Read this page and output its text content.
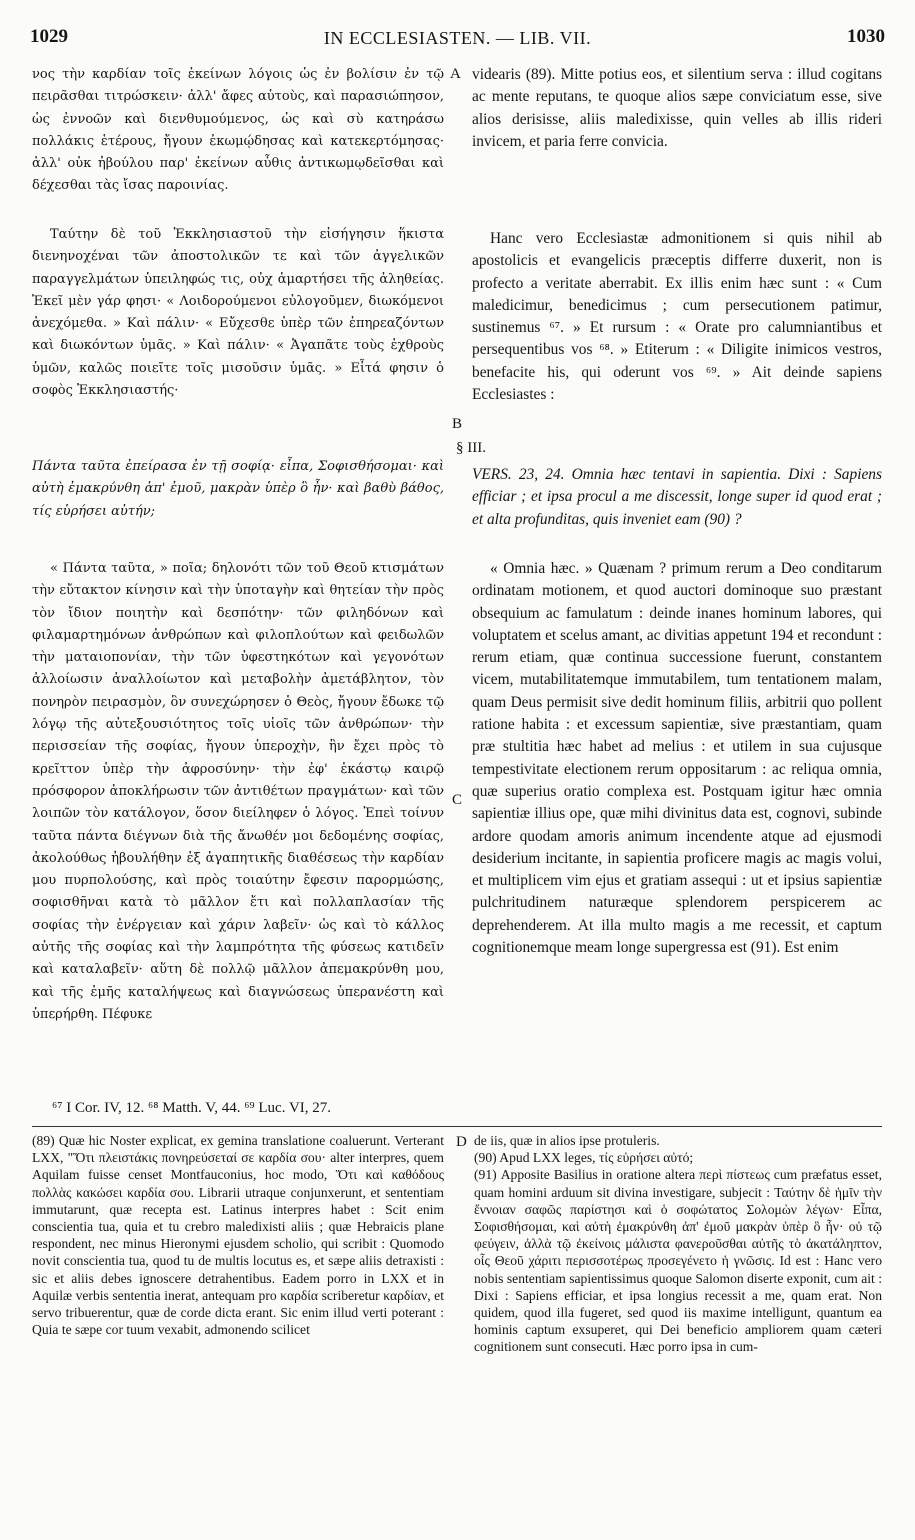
1029	IN ECCLESIASTEN. — LIB. VII.	1030

νος τὴν καρδίαν τοῖς ἐκείνων λόγοις ὡς ἐν βολίσιν ἐν τῷ πειρᾶσθαι τιτρώσκειν· ἀλλ' ἄφες αὐτοὺς, καὶ παρασιώπησον, ὡς ἐννοῶν καὶ διενθυμούμενος, ὡς καὶ σὺ κατηράσω πολλάκις ἑτέρους, ἤγουν ἐκωμῴδησας καὶ κατεκερτόμησας· ἀλλ' οὐκ ἠβούλου παρ' ἐκείνων αὖθις ἀντικωμῳδεῖσθαι καὶ δέχεσθαι τὰς ἴσας παροινίας.

Ταύτην δὲ τοῦ Ἐκκλησιαστοῦ τὴν εἰσήγησιν ἥκιστα διενηνοχέναι τῶν ἀποστολικῶν τε καὶ τῶν ἀγγελικῶν παραγγελμάτων ὑπειληφώς τις, οὐχ ἁμαρτήσει τῆς ἀληθείας. Ἐκεῖ μὲν γάρ φησι· « Λοιδορούμενοι εὐλογοῦμεν, διωκόμενοι ἀνεχόμεθα. » Καὶ πάλιν· « Εὔχεσθε ὑπὲρ τῶν ἐπηρεαζόντων καὶ διωκόντων ὑμᾶς. » Καὶ πάλιν· « Ἀγαπᾶτε τοὺς ἐχθροὺς ὑμῶν, καλῶς ποιεῖτε τοῖς μισοῦσιν ὑμᾶς. » Εἶτά φησιν ὁ σοφὸς Ἐκκλησιαστής·

Πάντα ταῦτα ἐπείρασα ἐν τῇ σοφίᾳ· εἶπα, Σοφισθήσομαι· καὶ αὐτὴ ἐμακρύνθη ἀπ' ἐμοῦ, μακρὰν ὑπὲρ ὃ ἦν· καὶ βαθὺ βάθος, τίς εὑρήσει αὐτήν;

« Πάντα ταῦτα, » ποῖα; δηλονότι τῶν τοῦ Θεοῦ κτισμάτων τὴν εὔτακτον κίνησιν καὶ τὴν ὑποταγὴν καὶ θητείαν τὴν πρὸς τὸν ἴδιον ποιητὴν καὶ δεσπότην· τῶν φιληδόνων καὶ φιλαμαρτημόνων ἀνθρώπων καὶ φιλοπλούτων καὶ φειδωλῶν τὴν ματαιοπονίαν, τὴν τῶν ὑφεστηκότων καὶ γεγονότων ἀλλοίωσιν ἀναλλοίωτον καὶ μεταβολὴν ἀμετάβλητον, τὸν πονηρὸν πειρασμὸν, ὃν συνεχώρησεν ὁ Θεὸς, ἤγουν ἔδωκε τῷ λόγῳ τῆς αὐτεξουσιότητος τοῖς υἱοῖς τῶν ἀνθρώπων· τὴν περισσείαν τῆς σοφίας, ἤγουν ὑπεροχὴν, ἣν ἔχει πρὸς τὸ κρεῖττον ὑπὲρ τὴν ἀφροσύνην· τὴν ἐφ' ἑκάστῳ καιρῷ πρόσφορον ἀποκλήρωσιν τῶν ἀντιθέτων πραγμάτων· καὶ τῶν λοιπῶν τὸν κατάλογον, ὅσον διείληφεν ὁ λόγος. Ἐπεὶ τοίνυν ταῦτα πάντα διέγνων διὰ τῆς ἄνωθέν μοι δεδομένης σοφίας, ἀκολούθως ἠβουλήθην ἐξ ἀγαπητικῆς διαθέσεως τὴν καρδίαν μου πυρπολούσης, καὶ πρὸς τοιαύτην ἔφεσιν παρορμώσης, σοφισθῆναι κατὰ τὸ μᾶλλον ἔτι καὶ πολλαπλασίαν τῆς σοφίας τὴν ἐνέργειαν καὶ χάριν λαβεῖν· ὡς καὶ τὸ κάλλος αὐτῆς τῆς σοφίας καὶ τὴν λαμπρότητα τῆς φύσεως κατιδεῖν καὶ καταλαβεῖν· αὕτη δὲ πολλῷ μᾶλλον ἀπεμακρύνθη μου, καὶ τῆς ἐμῆς καταλήψεως καὶ διαγνώσεως ὑπερανέστη καὶ ὑπερήρθη. Πέφυκε

⁶⁷ I Cor. IV, 12. ⁶⁸ Matth. V, 44. ⁶⁹ Luc. VI, 27.

videaris (89). Mitte potius eos, et silentium serva : illud cogitans ac mente reputans, te quoque alios sæpe conviciatum esse, sive alios derisisse, aliis maledixisse, quin velles ab illis rideri invicem, et paria ferre convicia.

Hanc vero Ecclesiastæ admonitionem si quis nihil ab apostolicis et evangelicis præceptis differre duxerit, non is profecto a veritate aberrabit. Ex illis enim hæc sunt : « Cum maledicimur, benedicimus ; cum persecutionem patimur, sustinemus ⁶⁷. » Et rursum : « Orate pro calumniantibus et persequentibus vos ⁶⁸. » Etiterum : « Diligite inimicos vestros, benefacite his, qui oderunt vos ⁶⁹. » Ait deinde sapiens Ecclesiastes :

§ III.

VERS. 23, 24. Omnia hæc tentavi in sapientia. Dixi : Sapiens efficiar ; et ipsa procul a me discessit, longe super id quod erat ; et alta profunditas, quis inveniet eam (90) ?

« Omnia hæc. » Quænam ? primum rerum a Deo conditarum ordinatam motionem, et quod auctori dominoque suo præstant obsequium ac famulatum : deinde inanes hominum labores, qui voluptatem et scelus amant, ac divitias appetunt 194 et recondunt : rerum etiam, quæ continua successione fuerunt, constantem vicem, mutabilitatemque immutabilem, tum tentationem malam, quam Deus permisit sive dedit hominum filiis, arbitrii quo pollent ratione habita : et excessum sapientiæ, sive præstantiam, quam præ stultitia hæc habet ad melius : et utilem in sua cujusque tempestivitate electionem rerum oppositarum : ac reliqua omnia, quæ superius oratio complexa est. Postquam igitur hæc omnia sapientiæ illius ope, quæ mihi divinitus data est, cognovi, subinde ardore quodam amoris animum incendente atque ad ejusmodi desiderium incitante, in sapientia proficere magis ac magis volui, et multiplicem vim ejus et gratiam assequi : ut et ipsius sapientiæ pulchritudinem naturæque splendorem perspicerem ac deprehenderem. At illa multo magis a me recessit, et captum cognitionemque meam longe supergressa est (91). Est enim

A
B
C
D

(89) Quæ hic Noster explicat, ex gemina translatione coaluerunt. Verterant LXX, "Ὅτι πλειστάκις πονηρεύσεταί σε καρδία σου· alter interpres, quem Aquilam fuisse censet Montfauconius, hoc modo, Ὅτι καὶ καθόδους πολλὰς κακώσει καρδία σου. Librarii utraque conjunxerunt, et sententiam immutarunt, quæ recepta est. Latinus interpres habet : Scit enim conscientia tua, quia et tu crebro maledixisti aliis ; quæ Hebraicis plane respondent, nec minus Hieronymi ejusdem scholio, qui scribit : Quomodo novit conscientia tua, quod tu de multis locutus es, et sæpe aliis detraxisti : sic et aliis debes ignoscere detrahentibus. Eadem porro in LXX et in Aquilæ verbis sententia inerat, antequam pro καρδία scriberetur καρδίαν, et servo tribuerentur, quæ de corde dicta erant. Sic enim illud verti poterant : Quia te sæpe cor tuum vexabit, admonendo scilicet

de iis, quæ in alios ipse protuleris.
(90) Apud LXX leges, τίς εὑρήσει αὐτό;
(91) Apposite Basilius in oratione altera περὶ πίστεως cum præfatus esset, quam homini arduum sit divina investigare, subjecit : Ταύτην δὲ ἡμῖν τὴν ἔννοιαν σαφῶς παρίστησι καὶ ὁ σοφώτατος Σολομὼν λέγων· Εἶπα, Σοφισθήσομαι, καὶ αὐτὴ ἐμακρύνθη ἀπ' ἐμοῦ μακρὰν ὑπὲρ ὃ ἦν· οὐ τῷ φεύγειν, ἀλλὰ τῷ ἐκείνοις μάλιστα φανεροῦσθαι αὐτῆς τὸ ἀκατάληπτον, οἷς Θεοῦ χάριτι περισσοτέρως προσεγένετο ἡ γνῶσις. Id est : Hanc vero nobis sententiam sapientissimus quoque Salomon diserte exponit, cum ait : Dixi : Sapiens efficiar, et ipsa longius recessit a me, quam erat. Non quidem, quod illa fugeret, sed quod iis maxime intelligunt, quantum ea hominis captum exsuperet, qui Dei beneficio ampliorem quam cæteri cognitionem sunt consecuti. Hæc porro ipsa in cum-
